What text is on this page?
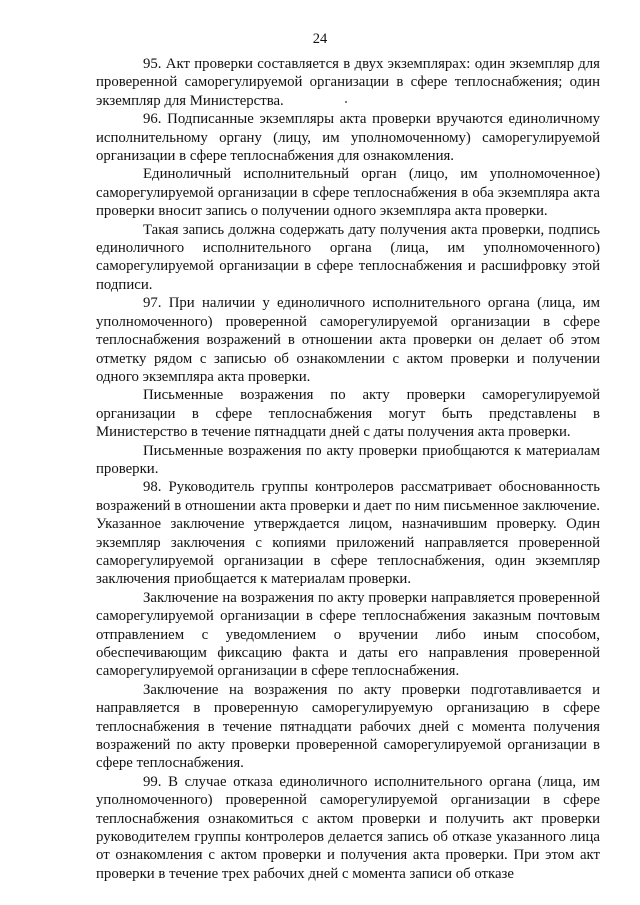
24

95. Акт проверки составляется в двух экземплярах: один экземпляр для проверенной саморегулируемой организации в сфере теплоснабжения; один экземпляр для Министерства.

96. Подписанные экземпляры акта проверки вручаются единоличному исполнительному органу (лицу, им уполномоченному) саморегулируемой организации в сфере теплоснабжения для ознакомления.

Единоличный исполнительный орган (лицо, им уполномоченное) саморегулируемой организации в сфере теплоснабжения в оба экземпляра акта проверки вносит запись о получении одного экземпляра акта проверки.

Такая запись должна содержать дату получения акта проверки, подпись единоличного исполнительного органа (лица, им уполномоченного) саморегулируемой организации в сфере теплоснабжения и расшифровку этой подписи.

97. При наличии у единоличного исполнительного органа (лица, им уполномоченного) проверенной саморегулируемой организации в сфере теплоснабжения возражений в отношении акта проверки он делает об этом отметку рядом с записью об ознакомлении с актом проверки и получении одного экземпляра акта проверки.

Письменные возражения по акту проверки саморегулируемой организации в сфере теплоснабжения могут быть представлены в Министерство в течение пятнадцати дней с даты получения акта проверки.

Письменные возражения по акту проверки приобщаются к материалам проверки.

98. Руководитель группы контролеров рассматривает обоснованность возражений в отношении акта проверки и дает по ним письменное заключение. Указанное заключение утверждается лицом, назначившим проверку. Один экземпляр заключения с копиями приложений направляется проверенной саморегулируемой организации в сфере теплоснабжения, один экземпляр заключения приобщается к материалам проверки.

Заключение на возражения по акту проверки направляется проверенной саморегулируемой организации в сфере теплоснабжения заказным почтовым отправлением с уведомлением о вручении либо иным способом, обеспечивающим фиксацию факта и даты его направления проверенной саморегулируемой организации в сфере теплоснабжения.

Заключение на возражения по акту проверки подготавливается и направляется в проверенную саморегулируемую организацию в сфере теплоснабжения в течение пятнадцати рабочих дней с момента получения возражений по акту проверки проверенной саморегулируемой организации в сфере теплоснабжения.

99. В случае отказа единоличного исполнительного органа (лица, им уполномоченного) проверенной саморегулируемой организации в сфере теплоснабжения ознакомиться с актом проверки и получить акт проверки руководителем группы контролеров делается запись об отказе указанного лица от ознакомления с актом проверки и получения акта проверки. При этом акт проверки в течение трех рабочих дней с момента записи об отказе
